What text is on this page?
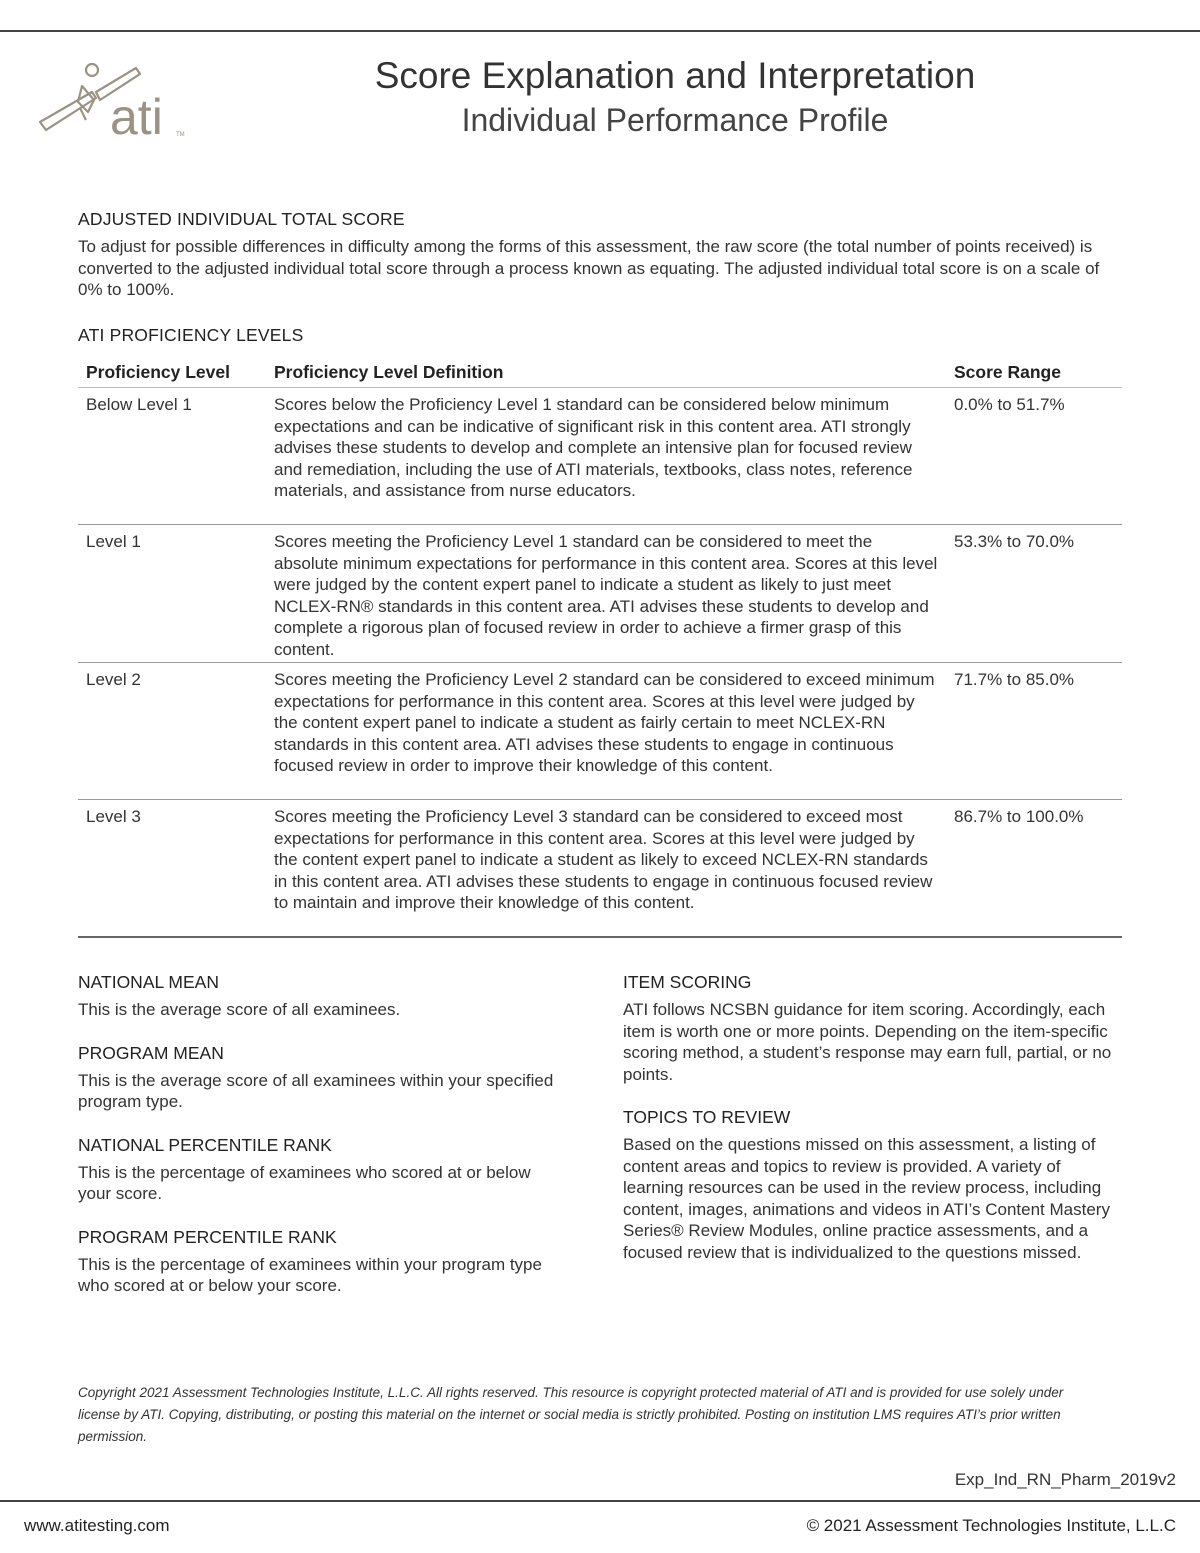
ati TM
Score Explanation and Interpretation
Individual Performance Profile
ADJUSTED INDIVIDUAL TOTAL SCORE
To adjust for possible differences in difficulty among the forms of this assessment, the raw score (the total number of points received) is converted to the adjusted individual total score through a process known as equating. The adjusted individual total score is on a scale of 0% to 100%.
ATI PROFICIENCY LEVELS
Proficiency Level	Proficiency Level Definition	Score Range
Below Level 1	Scores below the Proficiency Level 1 standard can be considered below minimum expectations and can be indicative of significant risk in this content area. ATI strongly advises these students to develop and complete an intensive plan for focused review and remediation, including the use of ATI materials, textbooks, class notes, reference materials, and assistance from nurse educators.	0.0% to 51.7%
Level 1	Scores meeting the Proficiency Level 1 standard can be considered to meet the absolute minimum expectations for performance in this content area. Scores at this level were judged by the content expert panel to indicate a student as likely to just meet NCLEX-RN® standards in this content area. ATI advises these students to develop and complete a rigorous plan of focused review in order to achieve a firmer grasp of this content.	53.3% to 70.0%
Level 2	Scores meeting the Proficiency Level 2 standard can be considered to exceed minimum expectations for performance in this content area. Scores at this level were judged by the content expert panel to indicate a student as fairly certain to meet NCLEX-RN standards in this content area. ATI advises these students to engage in continuous focused review in order to improve their knowledge of this content.	71.7% to 85.0%
Level 3	Scores meeting the Proficiency Level 3 standard can be considered to exceed most expectations for performance in this content area. Scores at this level were judged by the content expert panel to indicate a student as likely to exceed NCLEX-RN standards in this content area. ATI advises these students to engage in continuous focused review to maintain and improve their knowledge of this content.	86.7% to 100.0%
NATIONAL MEAN
This is the average score of all examinees.
PROGRAM MEAN
This is the average score of all examinees within your specified program type.
NATIONAL PERCENTILE RANK
This is the percentage of examinees who scored at or below your score.
PROGRAM PERCENTILE RANK
This is the percentage of examinees within your program type who scored at or below your score.
ITEM SCORING
ATI follows NCSBN guidance for item scoring. Accordingly, each item is worth one or more points. Depending on the item-specific scoring method, a student’s response may earn full, partial, or no points.
TOPICS TO REVIEW
Based on the questions missed on this assessment, a listing of content areas and topics to review is provided. A variety of learning resources can be used in the review process, including content, images, animations and videos in ATI’s Content Mastery Series® Review Modules, online practice assessments, and a focused review that is individualized to the questions missed.
Copyright 2021 Assessment Technologies Institute, L.L.C. All rights reserved. This resource is copyright protected material of ATI and is provided for use solely under license by ATI. Copying, distributing, or posting this material on the internet or social media is strictly prohibited. Posting on institution LMS requires ATI’s prior written permission.
Exp_Ind_RN_Pharm_2019v2
www.atitesting.com	© 2021 Assessment Technologies Institute, L.L.C
